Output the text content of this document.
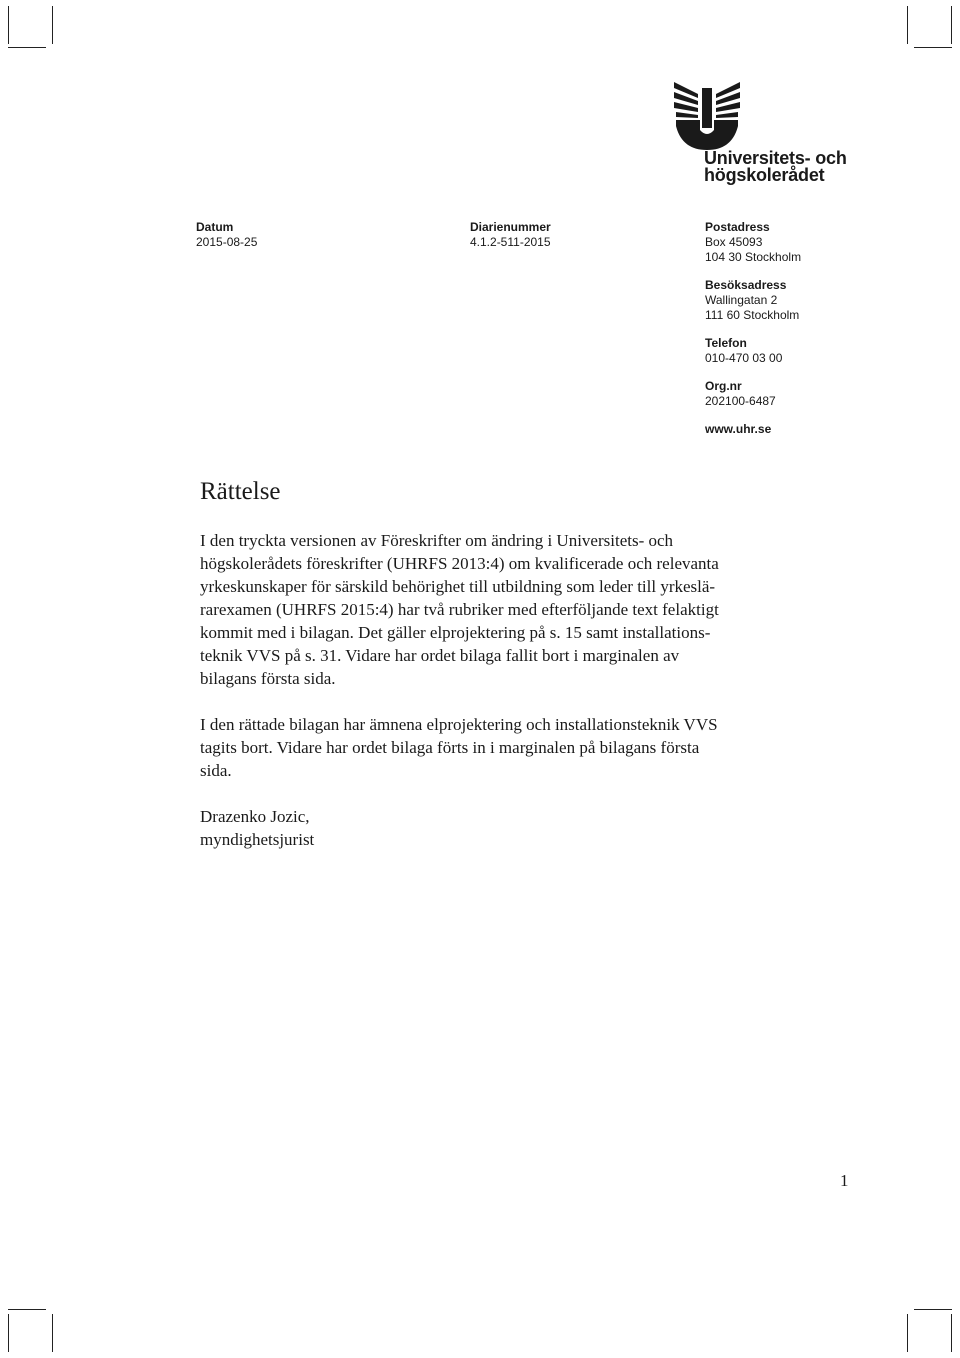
Universitets- och
högskolerådet
Datum
2015-08-25
Diarienummer
4.1.2-511-2015
Postadress
Box 45093
104 30 Stockholm
Besöksadress
Wallingatan 2
111 60 Stockholm
Telefon
010-470 03 00
Org.nr
202100-6487
www.uhr.se
Rättelse

I den tryckta versionen av Föreskrifter om ändring i Universitets- och
högskolerådets föreskrifter (UHRFS 2013:4) om kvalificerade och relevanta
yrkeskunskaper för särskild behörighet till utbildning som leder till yrkeslä-
rarexamen (UHRFS 2015:4) har två rubriker med efterföljande text felaktigt
kommit med i bilagan. Det gäller elprojektering på s. 15 samt installations-
teknik VVS på s. 31. Vidare har ordet bilaga fallit bort i marginalen av
bilagans första sida.

I den rättade bilagan har ämnena elprojektering och installationsteknik VVS
tagits bort. Vidare har ordet bilaga förts in i marginalen på bilagans första
sida.

Drazenko Jozic,
myndighetsjurist

1
